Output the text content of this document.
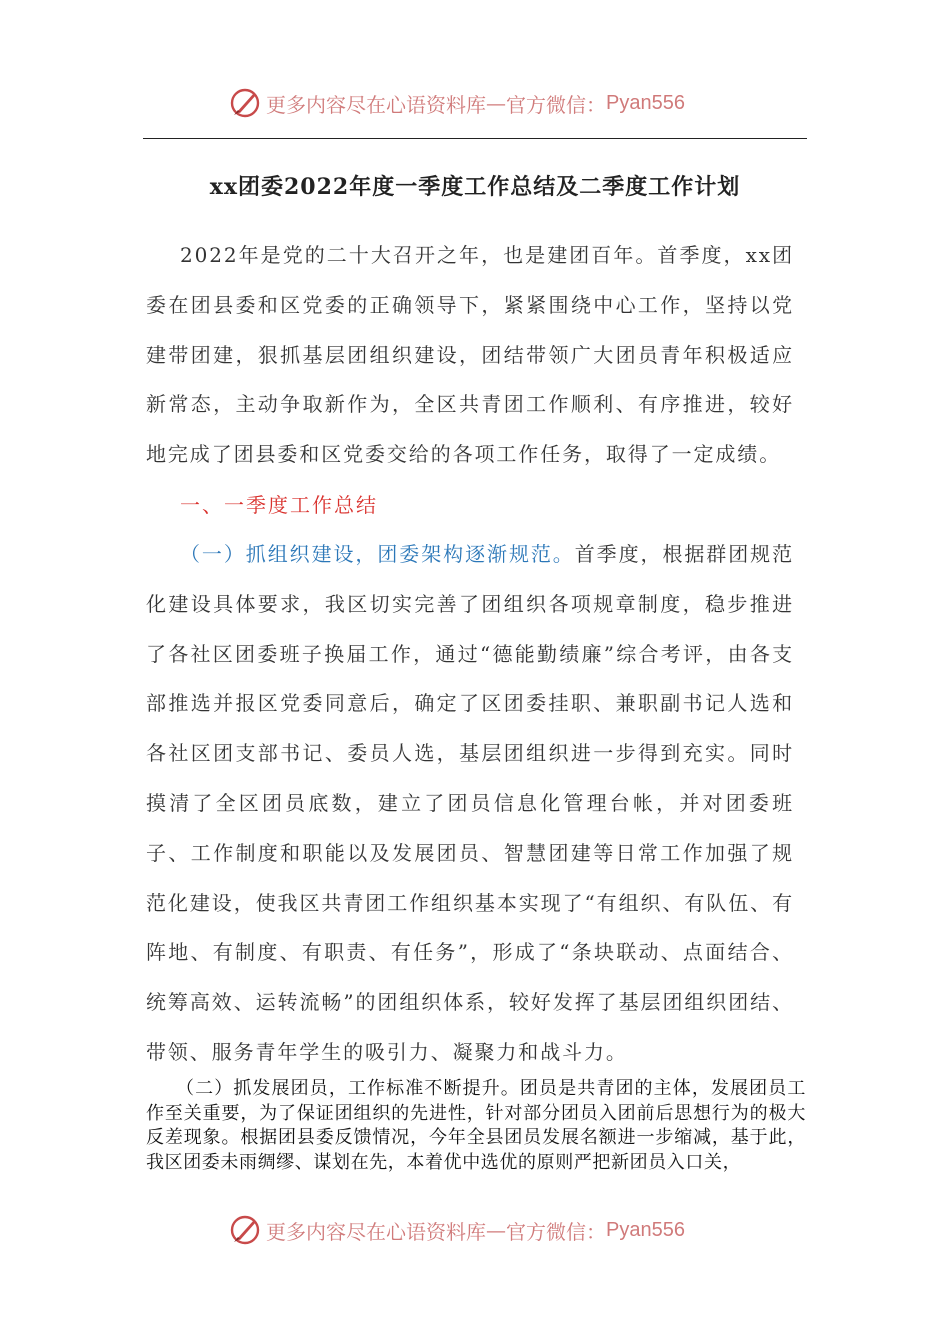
更多内容尽在心语资料库 — 官方微信： Pyan556
xx团委2022年度一季度工作总结及二季度工作计划
2022年是党的二十大召开之年，也是建团百年。首季度，xx团委在团县委和区党委的正确领导下，紧紧围绕中心工作，坚持以党建带团建，狠抓基层团组织建设，团结带领广大团员青年积极适应新常态，主动争取新作为，全区共青团工作顺利、有序推进，较好地完成了团县委和区党委交给的各项工作任务，取得了一定成绩。
一、一季度工作总结
（一）抓组织建设，团委架构逐渐规范。首季度，根据群团规范化建设具体要求，我区切实完善了团组织各项规章制度，稳步推进了各社区团委班子换届工作，通过“德能勤绩廉”综合考评，由各支部推选并报区党委同意后，确定了区团委挂职、兼职副书记人选和各社区团支部书记、委员人选，基层团组织进一步得到充实。同时摸清了全区团员底数，建立了团员信息化管理台帐，并对团委班子、工作制度和职能以及发展团员、智慧团建等日常工作加强了规范化建设，使我区共青团工作组织基本实现了“有组织、有队伍、有阵地、有制度、有职责、有任务”，形成了“条块联动、点面结合、统筹高效、运转流畅”的团组织体系，较好发挥了基层团组织团结、带领、服务青年学生的吸引力、凝聚力和战斗力。
（二）抓发展团员，工作标准不断提升。团员是共青团的主体，发展团员工作至关重要，为了保证团组织的先进性，针对部分团员入团前后思想行为的极大反差现象。根据团县委反馈情况，今年全县团员发展名额进一步缩减，基于此，我区团委未雨绸缪、谋划在先，本着优中选优的原则严把新团员入口关，
更多内容尽在心语资料库 — 官方微信： Pyan556
